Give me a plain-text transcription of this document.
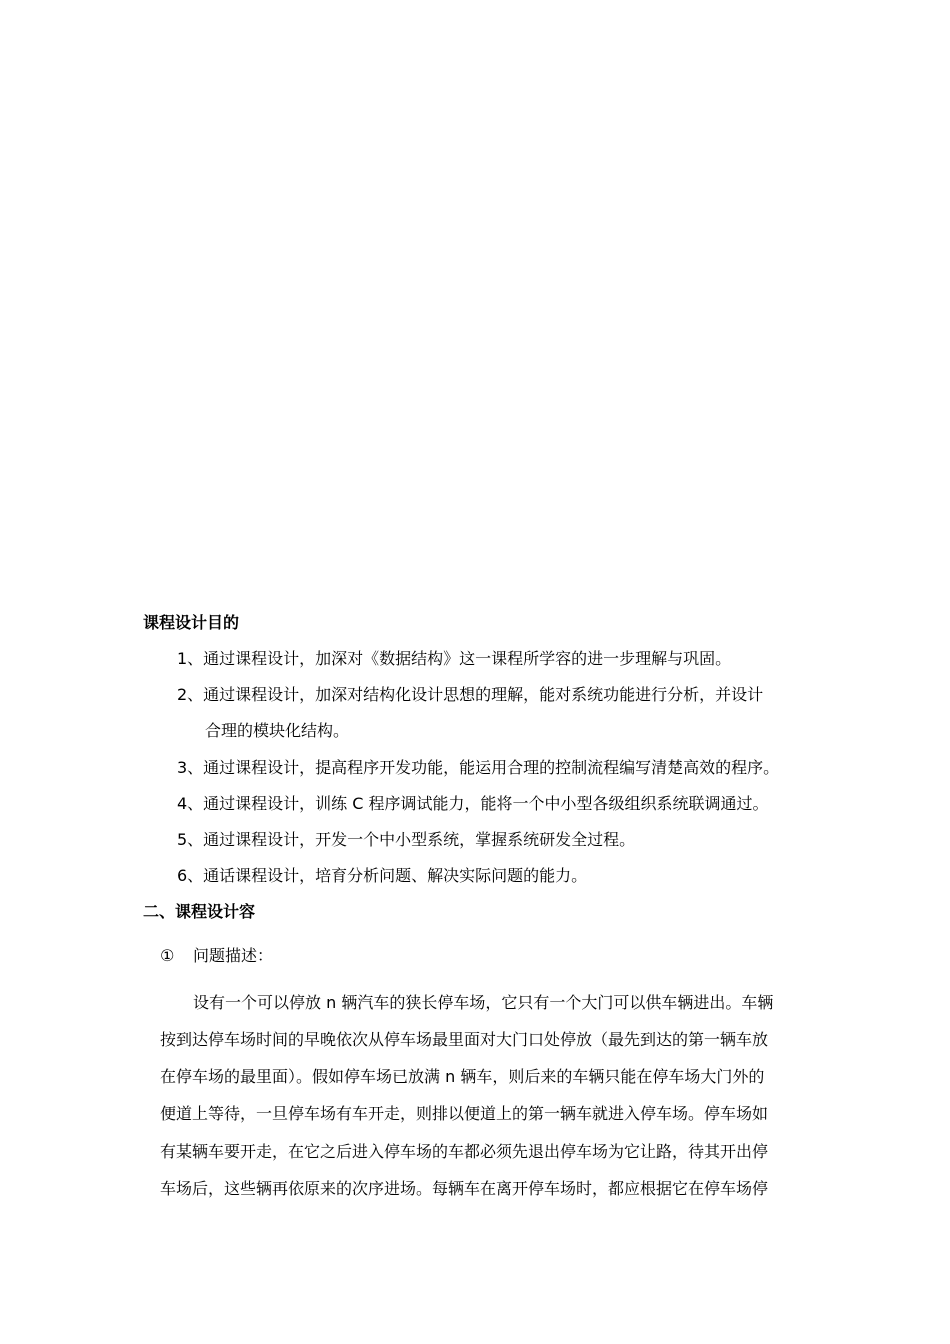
课程设计目的
1、通过课程设计，加深对《数据结构》这一课程所学容的进一步理解与巩固。
2、通过课程设计，加深对结构化设计思想的理解，能对系统功能进行分析，并设计
合理的模块化结构。
3、通过课程设计，提高程序开发功能，能运用合理的控制流程编写清楚高效的程序。
4、通过课程设计，训练 C 程序调试能力，能将一个中小型各级组织系统联调通过。
5、通过课程设计，开发一个中小型系统，掌握系统研发全过程。
6、通话课程设计，培育分析问题、解决实际问题的能力。
二、课程设计容
① 问题描述：
设有一个可以停放 n 辆汽车的狭长停车场，它只有一个大门可以供车辆进出。车辆
按到达停车场时间的早晚依次从停车场最里面对大门口处停放（最先到达的第一辆车放
在停车场的最里面）。假如停车场已放满 n 辆车，则后来的车辆只能在停车场大门外的
便道上等待，一旦停车场有车开走，则排以便道上的第一辆车就进入停车场。停车场如
有某辆车要开走，在它之后进入停车场的车都必须先退出停车场为它让路，待其开出停
车场后，这些辆再依原来的次序进场。每辆车在离开停车场时，都应根据它在停车场停
